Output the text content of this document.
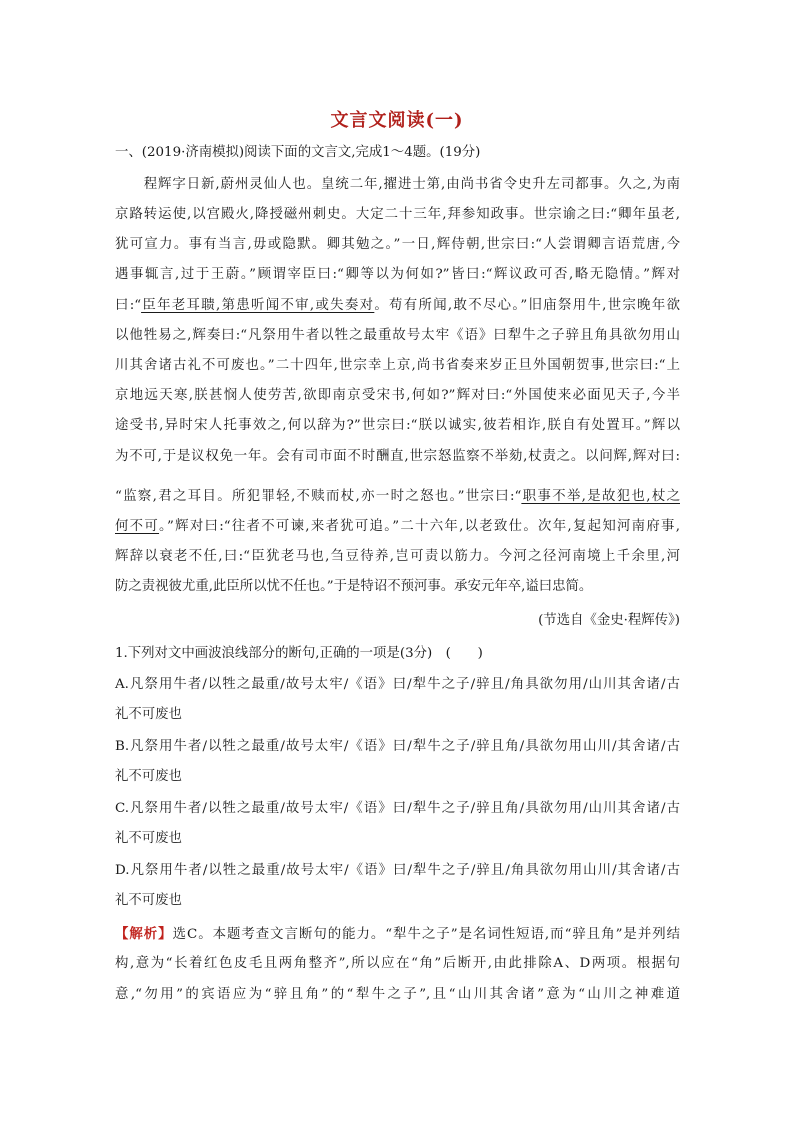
文言文阅读(一)
一、(2019·济南模拟)阅读下面的文言文,完成1～4题。(19分)
　　程辉字日新,蔚州灵仙人也。皇统二年,擢进士第,由尚书省令史升左司都事。久之,为南
京路转运使,以宫殿火,降授磁州刺史。大定二十三年,拜参知政事。世宗谕之曰:“卿年虽老,
犹可宣力。事有当言,毋或隐默。卿其勉之。”一日,辉侍朝,世宗曰:“人尝谓卿言语荒唐,今
遇事辄言,过于王蔚。”顾谓宰臣曰:“卿等以为何如?”皆曰:“辉议政可否,略无隐情。”辉对
曰:“臣年老耳聩,第患听闻不审,或失奏对。苟有所闻,敢不尽心。”旧庙祭用牛,世宗晚年欲
以他牲易之,辉奏曰:“凡祭用牛者以牲之最重故号太牢《语》曰犁牛之子骍且角具欲勿用山
川其舍诸古礼不可废也。”二十四年,世宗幸上京,尚书省奏来岁正旦外国朝贺事,世宗曰:“上
京地远天寒,朕甚悯人使劳苦,欲即南京受宋书,何如?”辉对曰:“外国使来必面见天子,今半
途受书,异时宋人托事效之,何以辞为?”世宗曰:“朕以诚实,彼若相诈,朕自有处置耳。”辉以
为不可,于是议权免一年。会有司市面不时酬直,世宗怒监察不举劾,杖责之。以问辉,辉对曰:
“监察,君之耳目。所犯罪轻,不赎而杖,亦一时之怒也。”世宗曰:“职事不举,是故犯也,杖之
何不可。”辉对曰:“往者不可谏,来者犹可追。”二十六年,以老致仕。次年,复起知河南府事,
辉辞以衰老不任,曰:“臣犹老马也,刍豆待养,岂可责以筋力。今河之径河南境上千余里,河
防之责视彼尤重,此臣所以忧不任也。”于是特诏不预河事。承安元年卒,谥曰忠简。
(节选自《金史·程辉传》)
1.下列对文中画波浪线部分的断句,正确的一项是(3分)　(　　)
A.凡祭用牛者/以牲之最重/故号太牢/《语》曰/犁牛之子/骍且/角具欲勿用/山川其舍诸/古
礼不可废也
B.凡祭用牛者/以牲之最重/故号太牢/《语》曰/犁牛之子/骍且角/具欲勿用山川/其舍诸/古
礼不可废也
C.凡祭用牛者/以牲之最重/故号太牢/《语》曰/犁牛之子/骍且角/具欲勿用/山川其舍诸/古
礼不可废也
D.凡祭用牛者/以牲之最重/故号太牢/《语》曰/犁牛之子/骍且/角具欲勿用山川/其舍诸/古
礼不可废也
【解析】选C。本题考查文言断句的能力。“犁牛之子”是名词性短语,而“骍且角”是并列结
构,意为“长着红色皮毛且两角整齐”,所以应在“角”后断开,由此排除A、D两项。根据句
意,“勿用”的宾语应为“骍且角”的“犁牛之子”,且“山川其舍诸”意为“山川之神难道
